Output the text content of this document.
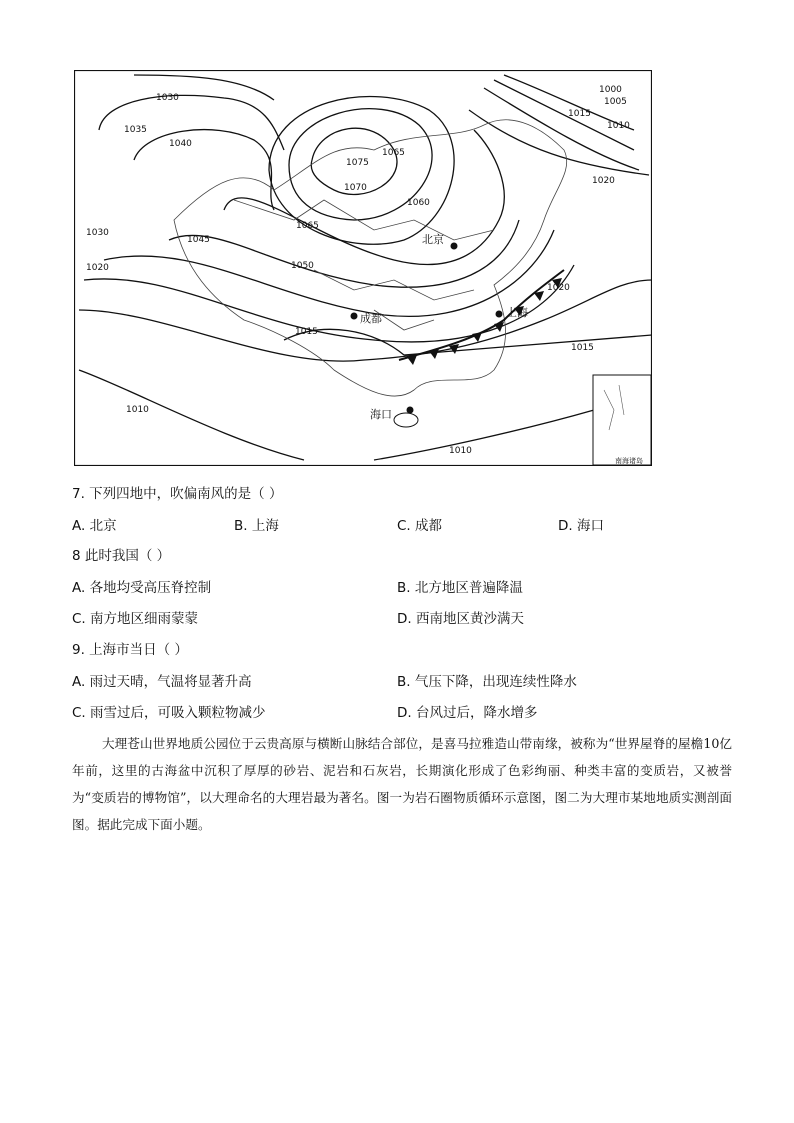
1000
1005
1010
1015
1020
1030
1035
1040
1045
1050
1060
1065
1070
1075
1065
1030
1020
1020
1015
1015
1010
1010
北京
上海
成都
海口
南海诸岛
7. 下列四地中，吹偏南风的是（ ）
A. 北京	B. 上海	C. 成都	D. 海口
8 此时我国（ ）
A. 各地均受高压脊控制	B. 北方地区普遍降温
C. 南方地区细雨蒙蒙	D. 西南地区黄沙满天
9. 上海市当日（ ）
A. 雨过天晴，气温将显著升高	B. 气压下降，出现连续性降水
C. 雨雪过后，可吸入颗粒物减少	D. 台风过后，降水增多

大理苍山世界地质公园位于云贵高原与横断山脉结合部位，是喜马拉雅造山带南缘，被称为“世界屋脊的屋檐10亿年前，这里的古海盆中沉积了厚厚的砂岩、泥岩和石灰岩，长期演化形成了色彩绚丽、种类丰富的变质岩，又被誉为“变质岩的博物馆”，以大理命名的大理岩最为著名。图一为岩石圈物质循环示意图，图二为大理市某地地质实测剖面图。据此完成下面小题。
